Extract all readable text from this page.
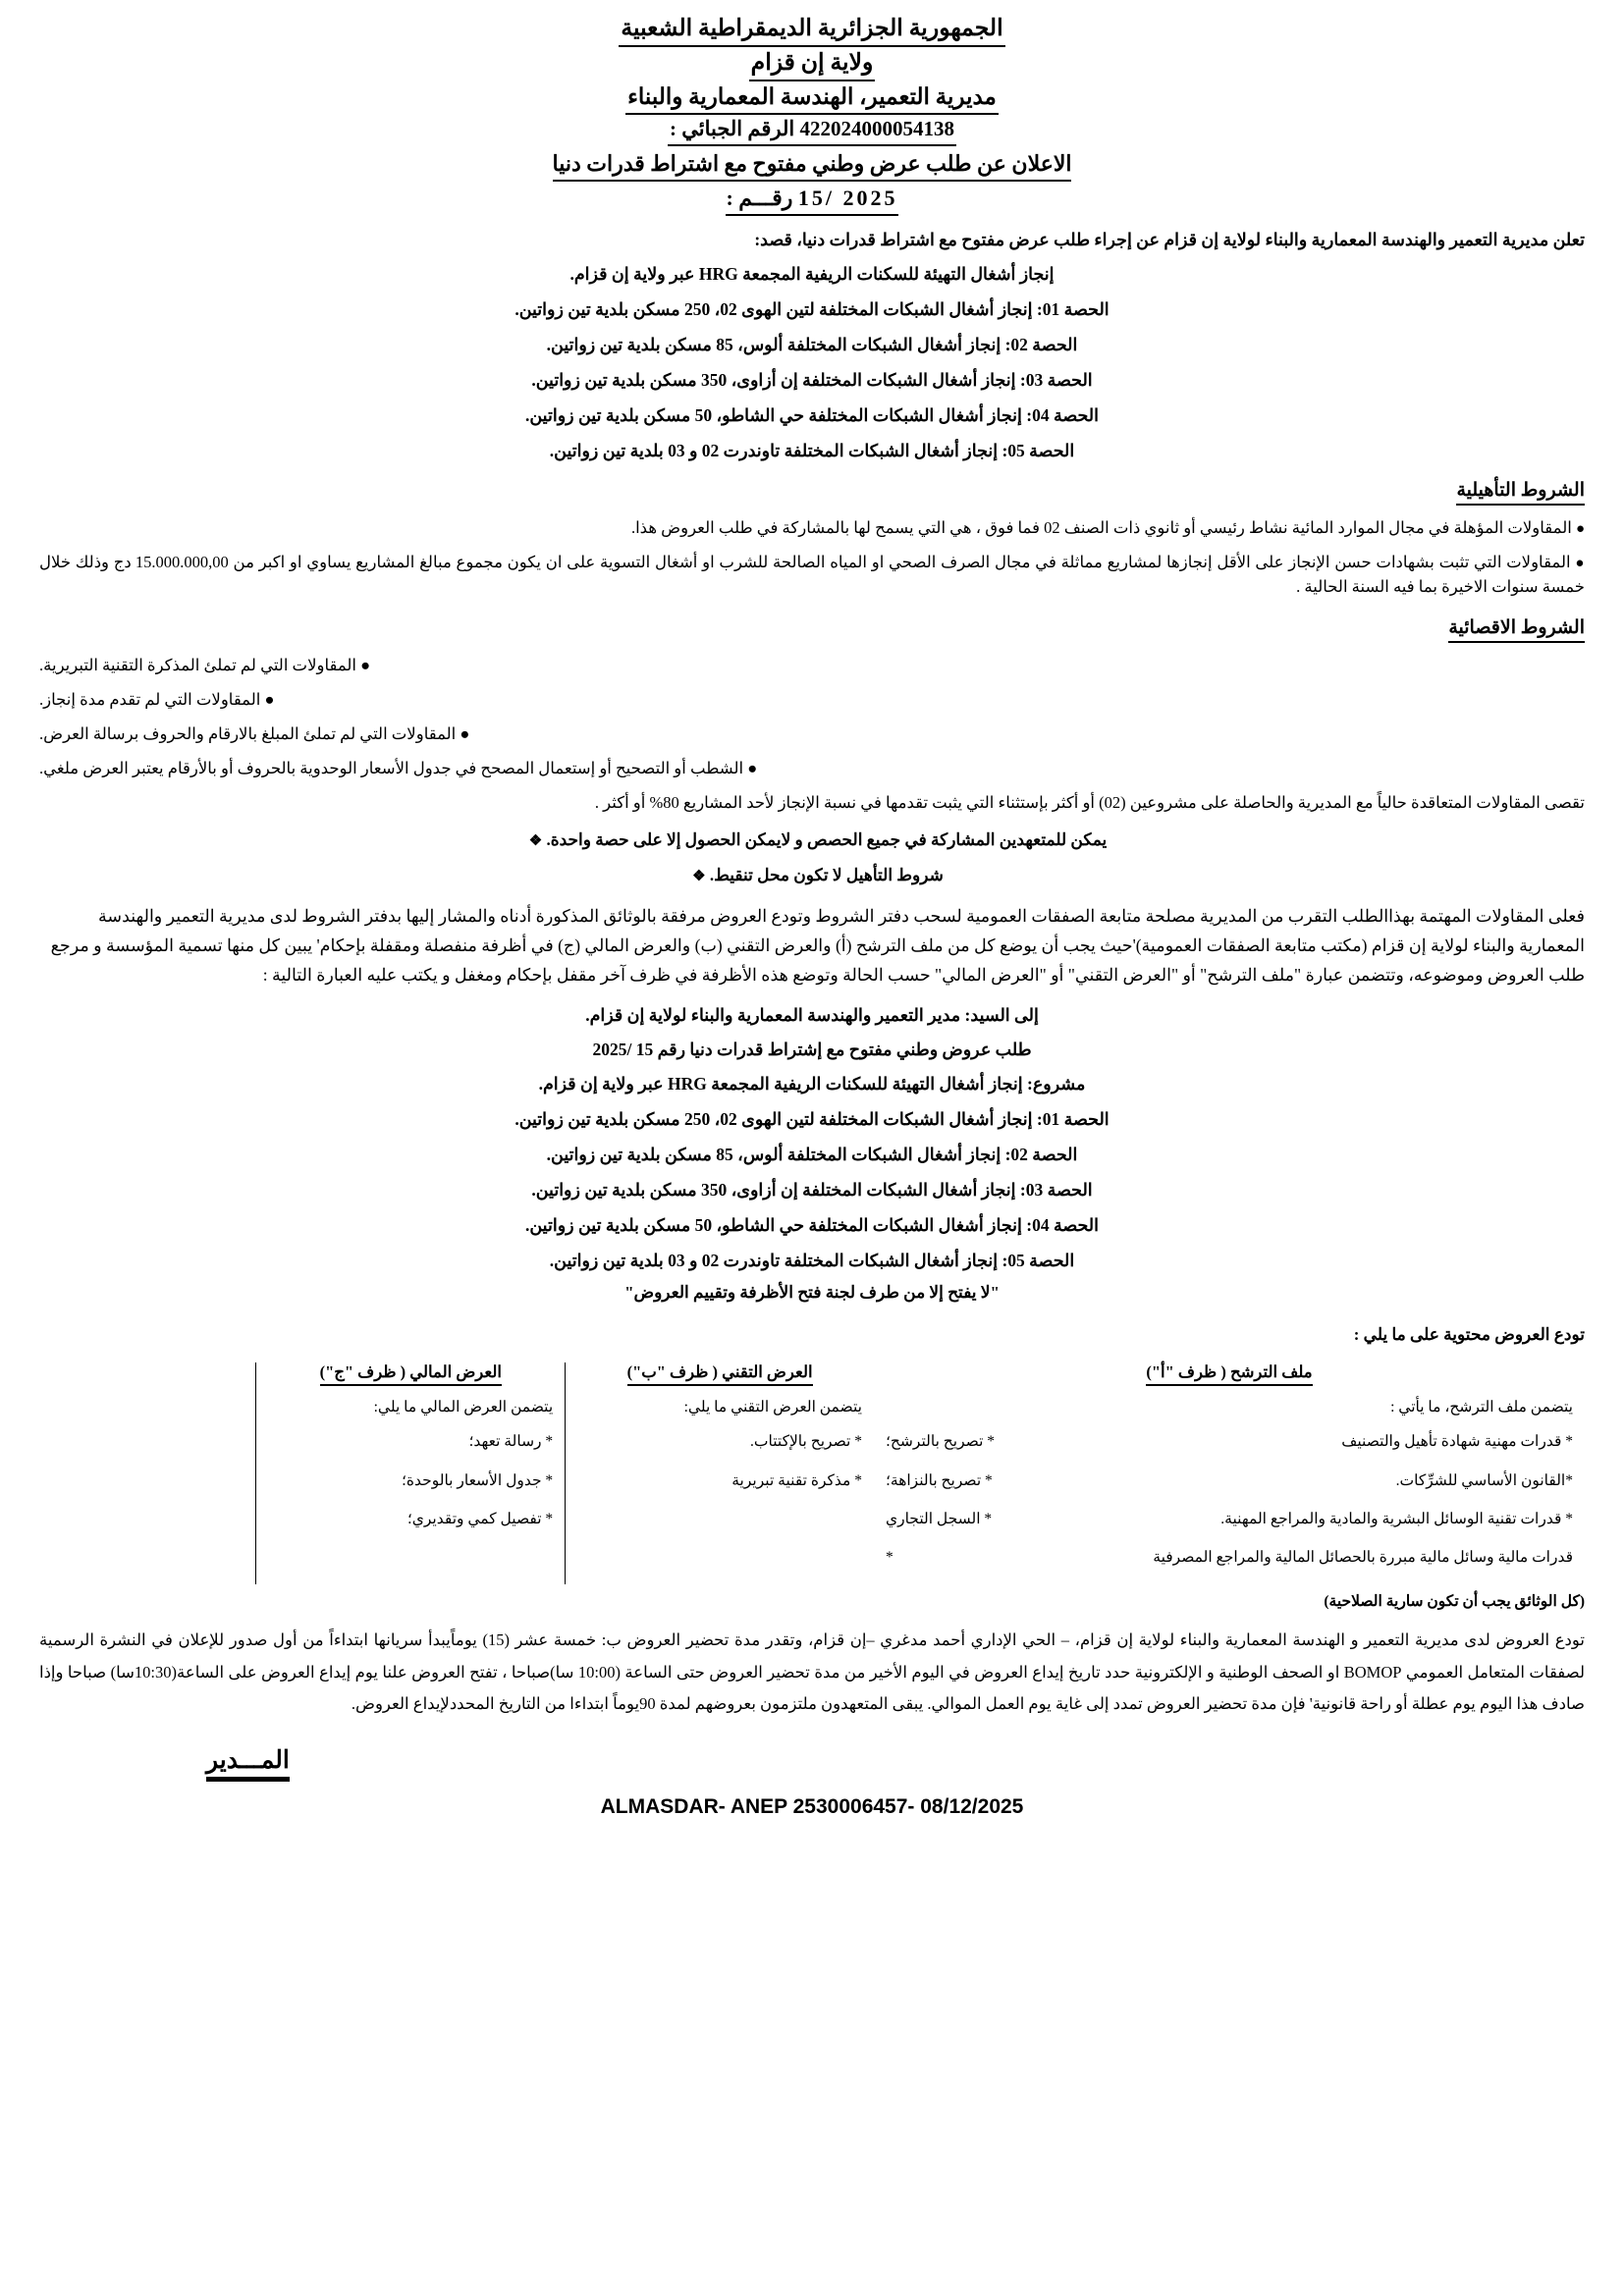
الجمهورية الجزائرية الديمقراطية الشعبية
ولاية إن قزام
مديرية التعمير، الهندسة المعمارية والبناء
422024000054138 الرقم الجبائي :
الاعلان عن طلب عرض وطني مفتوح مع اشتراط قدرات دنيا
15/ 2025 رقـــم :
تعلن مديرية التعمير والهندسة المعمارية والبناء لولاية إن قزام عن إجراء طلب عرض مفتوح مع اشتراط قدرات دنيا، قصد:
إنجاز أشغال التهيئة للسكنات الريفية المجمعة HRG عبر ولاية إن قزام.
الحصة 01: إنجاز أشغال الشبكات المختلفة لتين الهوى 02، 250 مسكن بلدية تين زواتين.
الحصة 02: إنجاز أشغال الشبكات المختلفة ألوس، 85 مسكن بلدية تين زواتين.
الحصة 03: إنجاز أشغال الشبكات المختلفة إن أزاوى، 350 مسكن بلدية تين زواتين.
الحصة 04: إنجاز أشغال الشبكات المختلفة حي الشاطو، 50 مسكن بلدية تين زواتين.
الحصة 05: إنجاز أشغال الشبكات المختلفة تاوندرت 02 و 03 بلدية تين زواتين.
الشروط التأهيلية
● المقاولات المؤهلة في مجال الموارد المائية نشاط رئيسي أو ثانوي ذات الصنف 02 فما فوق ، هي التي يسمح لها بالمشاركة في طلب العروض هذا.
● المقاولات التي تثبت بشهادات حسن الإنجاز على الأقل إنجازها لمشاريع مماثلة في مجال الصرف الصحي او المياه الصالحة للشرب او أشغال التسوية على ان يكون مجموع مبالغ المشاريع يساوي او اكبر من 15.000.000,00 دج وذلك خلال خمسة سنوات الاخيرة بما فيه السنة الحالية .
الشروط الاقصائية
● المقاولات التي لم تملئ المذكرة التقنية التبريرية.
● المقاولات التي لم تقدم مدة إنجاز.
● المقاولات التي لم تملئ المبلغ بالارقام والحروف برسالة العرض.
● الشطب أو التصحيح أو إستعمال المصحح في جدول الأسعار الوحدوية بالحروف أو بالأرقام يعتبر العرض ملغي.
تقصى المقاولات المتعاقدة حالياً مع المديرية والحاصلة على مشروعين (02) أو أكثر بإستثناء التي يثبت تقدمها في نسبة الإنجاز لأحد المشاريع 80% أو أكثر .
يمكن للمتعهدين المشاركة في جميع الحصص و لايمكن الحصول إلا على حصة واحدة. ❖
شروط التأهيل لا تكون محل تنقيط. ❖
فعلى المقاولات المهتمة بهذاالطلب التقرب من المديرية مصلحة متابعة الصفقات العمومية لسحب دفتر الشروط وتودع العروض مرفقة بالوثائق المذكورة أدناه والمشار إليها بدفتر الشروط لدى مديرية التعمير والهندسة المعمارية والبناء لولاية إن قزام (مكتب متابعة الصفقات العمومية)'حيث يجب أن يوضع كل من ملف الترشح (أ) والعرض التقني (ب) والعرض المالي (ج) في أظرفة منفصلة ومقفلة بإحكام' يبين كل منها تسمية المؤسسة و مرجع طلب العروض وموضوعه، وتتضمن عبارة "ملف الترشح" أو "العرض التقني" أو "العرض المالي" حسب الحالة وتوضع هذه الأظرفة في ظرف آخر مقفل بإحكام ومغفل و يكتب عليه العبارة التالية :
إلى السيد: مدير التعمير والهندسة المعمارية والبناء لولاية إن قزام.
طلب عروض وطني مفتوح مع إشتراط قدرات دنيا رقم 15 /2025
مشروع: إنجاز أشغال التهيئة للسكنات الريفية المجمعة HRG عبر ولاية إن قزام.
الحصة 01: إنجاز أشغال الشبكات المختلفة لتين الهوى 02، 250 مسكن بلدية تين زواتين.
الحصة 02: إنجاز أشغال الشبكات المختلفة ألوس، 85 مسكن بلدية تين زواتين.
الحصة 03: إنجاز أشغال الشبكات المختلفة إن أزاوى، 350 مسكن بلدية تين زواتين.
الحصة 04: إنجاز أشغال الشبكات المختلفة حي الشاطو، 50 مسكن بلدية تين زواتين.
الحصة 05: إنجاز أشغال الشبكات المختلفة تاوندرت 02 و 03 بلدية تين زواتين.
"لا يفتح إلا من طرف لجنة فتح الأظرفة وتقييم العروض"
تودع العروض محتوية على ما يلي :
ملف الترشح ( ظرف "أ")
يتضمن ملف الترشح، ما يأتي :
* قدرات مهنية شهادة تأهيل والتصنيف
* تصريح بالترشح؛
*القانون الأساسي للشرِّكات.
* تصريح بالنزاهة؛
* قدرات تقنية الوسائل البشرية والمادية والمراجع المهنية.
* السجل التجاري
قدرات مالية وسائل مالية مبررة بالحصائل المالية والمراجع المصرفية
*
العرض التقني ( ظرف "ب")
يتضمن العرض التقني ما يلي:
* تصريح بالإكتتاب.
* مذكرة تقنية تبريرية
العرض المالي ( ظرف "ج")
يتضمن العرض المالي ما يلي:
* رسالة تعهد؛
* جدول الأسعار بالوحدة؛
* تفصيل كمي وتقديري؛
(كل الوثائق يجب أن تكون سارية الصلاحية)
تودع العروض لدى مديرية التعمير و الهندسة المعمارية والبناء لولاية إن قزام، – الحي الإداري أحمد مدغري –إن قزام، وتقدر مدة تحضير العروض ب: خمسة عشر (15) يوماًيبدأ سريانها ابتداءاً من أول صدور للإعلان في النشرة الرسمية لصفقات المتعامل العمومي BOMOP او الصحف الوطنية و الإلكترونية حدد تاريخ إيداع العروض في اليوم الأخير من مدة تحضير العروض حتى الساعة (10:00 سا)صباحا ، تفتح العروض علنا يوم إيداع العروض على الساعة(10:30سا) صباحا وإذا صادف هذا اليوم يوم عطلة أو راحة قانونية' فإن مدة تحضير العروض تمدد إلى غاية يوم العمل الموالي. يبقى المتعهدون ملتزمون بعروضهم لمدة 90يوماً ابتداءا من التاريخ المحددلإيداع العروض.
المـــدير
ALMASDAR- ANEP 2530006457- 08/12/2025
